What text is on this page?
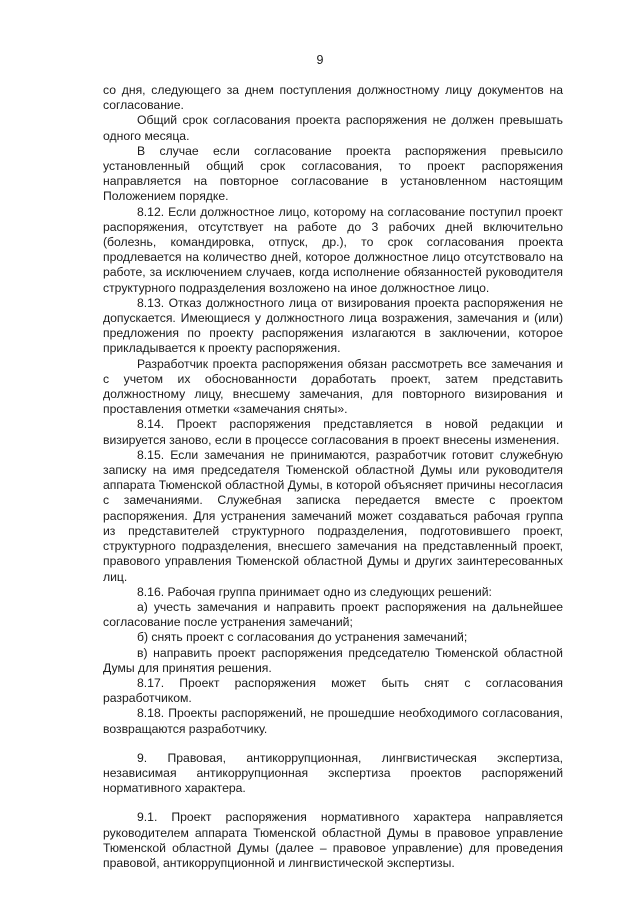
9

со дня, следующего за днем поступления должностному лицу документов на согласование.

Общий срок согласования проекта распоряжения не должен превышать одного месяца.

В случае если согласование проекта распоряжения превысило установленный общий срок согласования, то проект распоряжения направляется на повторное согласование в установленном настоящим Положением порядке.

8.12. Если должностное лицо, которому на согласование поступил проект распоряжения, отсутствует на работе до 3 рабочих дней включительно (болезнь, командировка, отпуск, др.), то срок согласования проекта продлевается на количество дней, которое должностное лицо отсутствовало на работе, за исключением случаев, когда исполнение обязанностей руководителя структурного подразделения возложено на иное должностное лицо.

8.13. Отказ должностного лица от визирования проекта распоряжения не допускается. Имеющиеся у должностного лица возражения, замечания и (или) предложения по проекту распоряжения излагаются в заключении, которое прикладывается к проекту распоряжения.

Разработчик проекта распоряжения обязан рассмотреть все замечания и с учетом их обоснованности доработать проект, затем представить должностному лицу, внесшему замечания, для повторного визирования и проставления отметки «замечания сняты».

8.14. Проект распоряжения представляется в новой редакции и визируется заново, если в процессе согласования в проект внесены изменения.

8.15. Если замечания не принимаются, разработчик готовит служебную записку на имя председателя Тюменской областной Думы или руководителя аппарата Тюменской областной Думы, в которой объясняет причины несогласия с замечаниями. Служебная записка передается вместе с проектом распоряжения. Для устранения замечаний может создаваться рабочая группа из представителей структурного подразделения, подготовившего проект, структурного подразделения, внесшего замечания на представленный проект, правового управления Тюменской областной Думы и других заинтересованных лиц.

8.16. Рабочая группа принимает одно из следующих решений:

а) учесть замечания и направить проект распоряжения на дальнейшее согласование после устранения замечаний;

б) снять проект с согласования до устранения замечаний;

в) направить проект распоряжения председателю Тюменской областной Думы для принятия решения.

8.17. Проект распоряжения может быть снят с согласования разработчиком.

8.18. Проекты распоряжений, не прошедшие необходимого согласования, возвращаются разработчику.

9. Правовая, антикоррупционная, лингвистическая экспертиза, независимая антикоррупционная экспертиза проектов распоряжений нормативного характера.

9.1. Проект распоряжения нормативного характера направляется руководителем аппарата Тюменской областной Думы в правовое управление Тюменской областной Думы (далее – правовое управление) для проведения правовой, антикоррупционной и лингвистической экспертизы.
